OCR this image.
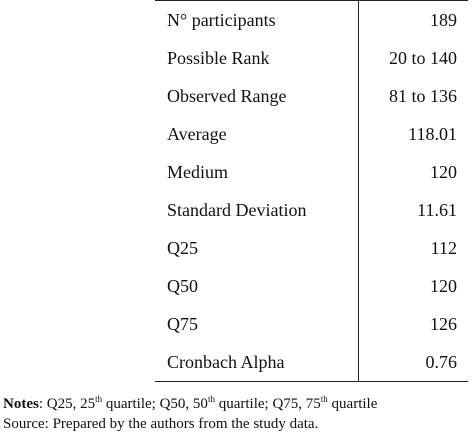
N° participants	189
Possible Rank	20 to 140
Observed Range	81 to 136
Average	118.01
Medium	120
Standard Deviation	11.61
Q25	112
Q50	120
Q75	126
Cronbach Alpha	0.76
Notes: Q25, 25th quartile; Q50, 50th quartile; Q75, 75th quartile
Source: Prepared by the authors from the study data.
